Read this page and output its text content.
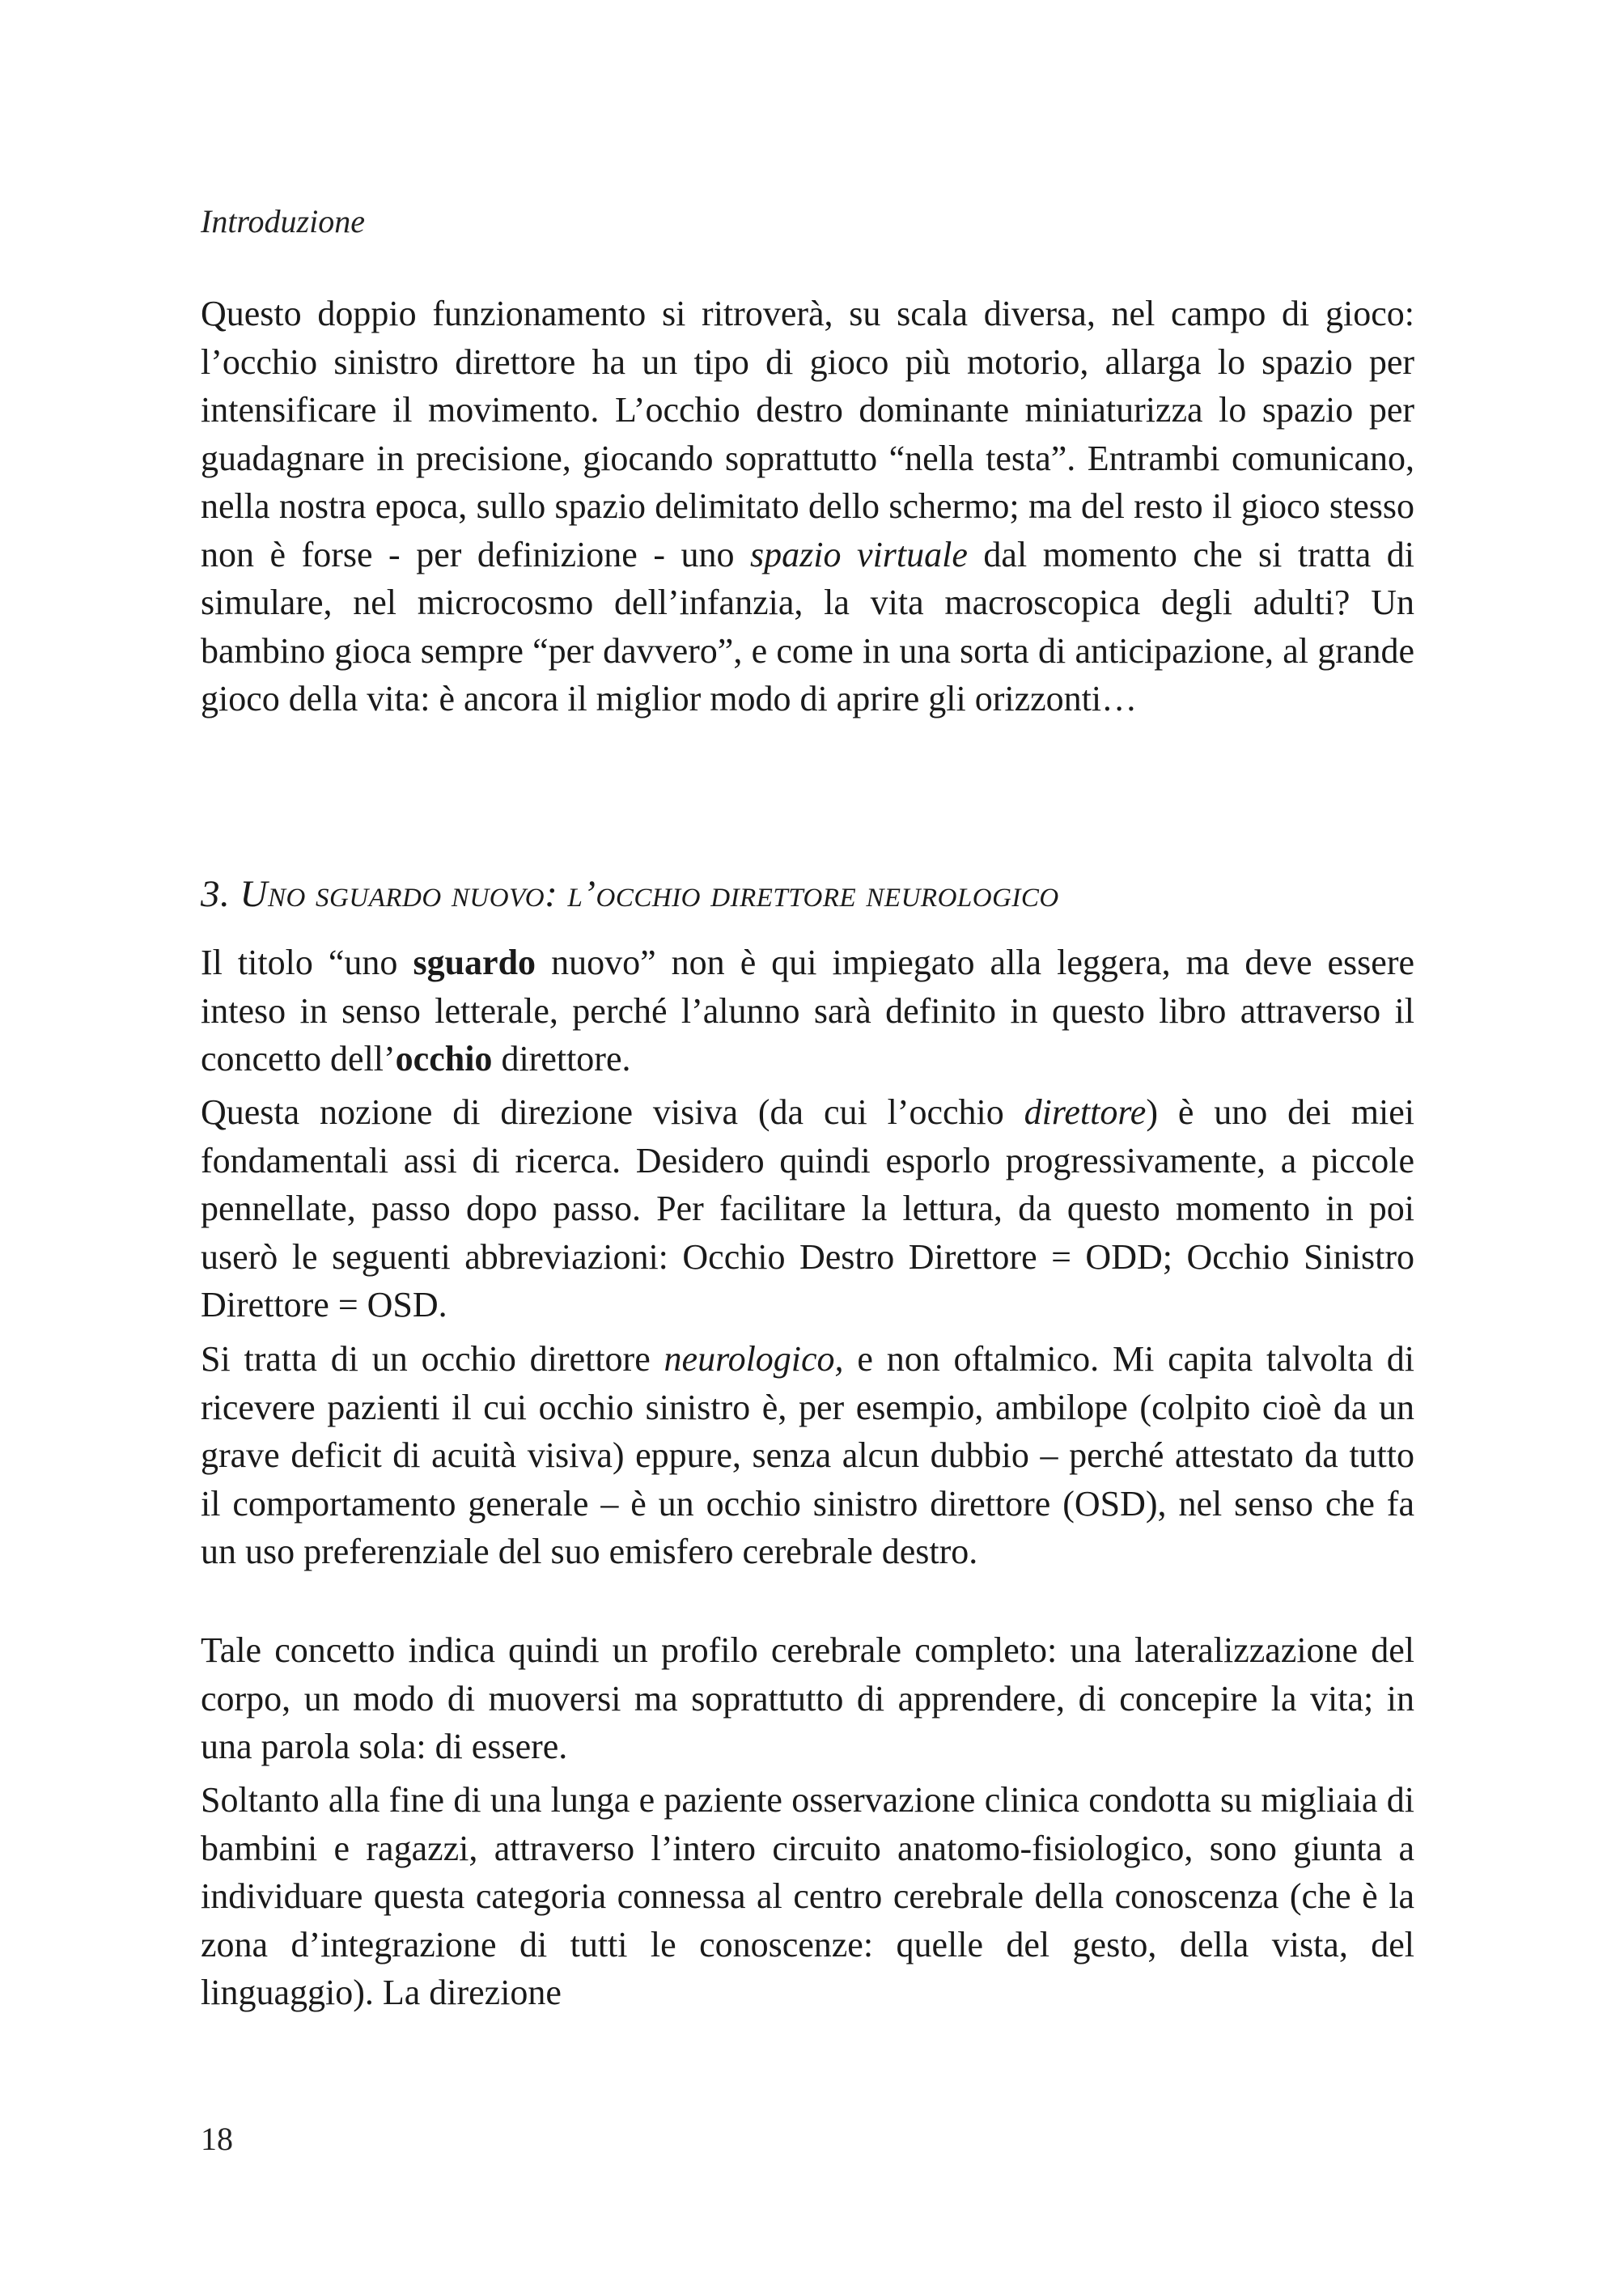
Introduzione

Questo doppio funzionamento si ritroverà, su scala diversa, nel campo di gioco: l’occhio sinistro direttore ha un tipo di gioco più motorio, allarga lo spazio per intensificare il movimento. L’occhio destro dominante miniaturizza lo spazio per guadagnare in precisione, giocando soprattutto “nella testa”. Entrambi comunicano, nella nostra epoca, sullo spazio delimitato dello schermo; ma del resto il gioco stesso non è forse - per definizione - uno spazio virtuale dal momento che si tratta di simulare, nel microcosmo dell’infanzia, la vita macroscopica degli adulti? Un bambino gioca sempre “per davvero”, e come in una sorta di anticipazione, al grande gioco della vita: è ancora il miglior modo di aprire gli orizzonti…

3. Uno sguardo nuovo: l’occhio direttore neurologico

Il titolo “uno sguardo nuovo” non è qui impiegato alla leggera, ma deve essere inteso in senso letterale, perché l’alunno sarà definito in questo libro attraverso il concetto dell’occhio direttore.

Questa nozione di direzione visiva (da cui l’occhio direttore) è uno dei miei fondamentali assi di ricerca. Desidero quindi esporlo progressivamente, a piccole pennellate, passo dopo passo. Per facilitare la lettura, da questo momento in poi userò le seguenti abbreviazioni: Occhio Destro Direttore = ODD; Occhio Sinistro Direttore = OSD.

Si tratta di un occhio direttore neurologico, e non oftalmico. Mi capita talvolta di ricevere pazienti il cui occhio sinistro è, per esempio, ambilope (colpito cioè da un grave deficit di acuità visiva) eppure, senza alcun dubbio – perché attestato da tutto il comportamento generale – è un occhio sinistro direttore (OSD), nel senso che fa un uso preferenziale del suo emisfero cerebrale destro.

Tale concetto indica quindi un profilo cerebrale completo: una lateralizzazione del corpo, un modo di muoversi ma soprattutto di apprendere, di concepire la vita; in una parola sola: di essere.

Soltanto alla fine di una lunga e paziente osservazione clinica condotta su migliaia di bambini e ragazzi, attraverso l’intero circuito anatomo-fisiologico, sono giunta a individuare questa categoria connessa al centro cerebrale della conoscenza (che è la zona d’integrazione di tutti le conoscenze: quelle del gesto, della vista, del linguaggio). La direzione

18
